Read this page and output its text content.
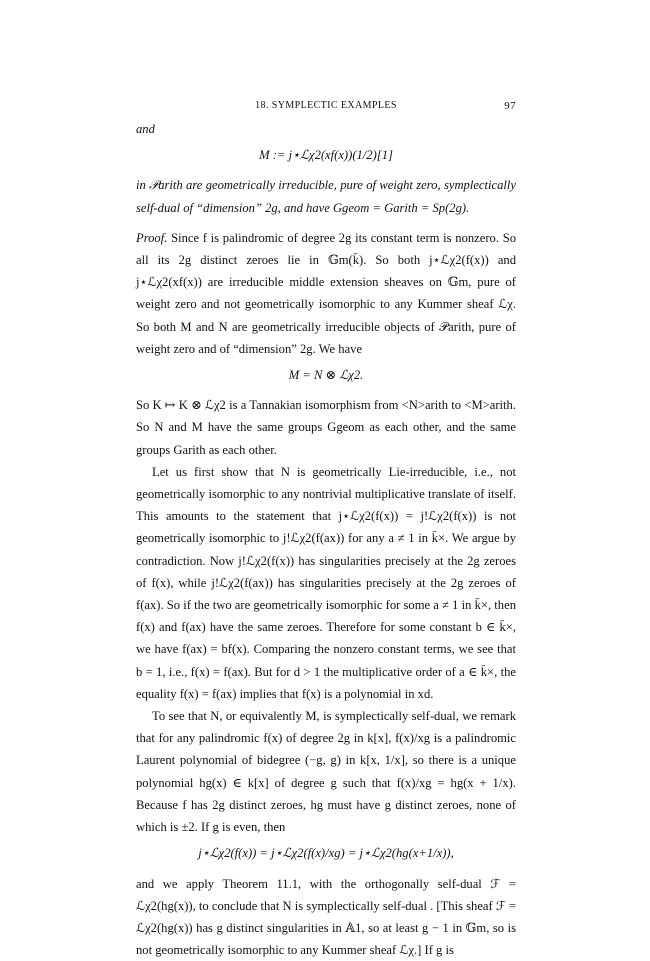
18. SYMPLECTIC EXAMPLES	97

and

M := j⋆ℒχ2(xf(x))(1/2)[1]

in 𝒫arith are geometrically irreducible, pure of weight zero, symplectically self-dual of “dimension” 2g, and have Ggeom = Garith = Sp(2g).

Proof. Since f is palindromic of degree 2g its constant term is nonzero. So all its 2g distinct zeroes lie in 𝔾m(k̄). So both j⋆ℒχ2(f(x)) and j⋆ℒχ2(xf(x)) are irreducible middle extension sheaves on 𝔾m, pure of weight zero and not geometrically isomorphic to any Kummer sheaf ℒχ. So both M and N are geometrically irreducible objects of 𝒫arith, pure of weight zero and of “dimension” 2g. We have

M = N ⊗ ℒχ2.

So K ↦ K ⊗ ℒχ2 is a Tannakian isomorphism from <N>arith to <M>arith. So N and M have the same groups Ggeom as each other, and the same groups Garith as each other.

Let us first show that N is geometrically Lie-irreducible, i.e., not geometrically isomorphic to any nontrivial multiplicative translate of itself. This amounts to the statement that j⋆ℒχ2(f(x)) = j!ℒχ2(f(x)) is not geometrically isomorphic to j!ℒχ2(f(ax)) for any a ≠ 1 in k̄×. We argue by contradiction. Now j!ℒχ2(f(x)) has singularities precisely at the 2g zeroes of f(x), while j!ℒχ2(f(ax)) has singularities precisely at the 2g zeroes of f(ax). So if the two are geometrically isomorphic for some a ≠ 1 in k̄×, then f(x) and f(ax) have the same zeroes. Therefore for some constant b ∈ k̄×, we have f(ax) = bf(x). Comparing the nonzero constant terms, we see that b = 1, i.e., f(x) = f(ax). But for d > 1 the multiplicative order of a ∈ k̄×, the equality f(x) = f(ax) implies that f(x) is a polynomial in xd.

To see that N, or equivalently M, is symplectically self-dual, we remark that for any palindromic f(x) of degree 2g in k[x], f(x)/xg is a palindromic Laurent polynomial of bidegree (−g, g) in k[x, 1/x], so there is a unique polynomial hg(x) ∈ k[x] of degree g such that f(x)/xg = hg(x + 1/x). Because f has 2g distinct zeroes, hg must have g distinct zeroes, none of which is ±2. If g is even, then

j⋆ℒχ2(f(x)) = j⋆ℒχ2(f(x)/xg) = j⋆ℒχ2(hg(x+1/x)),

and we apply Theorem 11.1, with the orthogonally self-dual ℱ = ℒχ2(hg(x)), to conclude that N is symplectically self-dual . [This sheaf ℱ = ℒχ2(hg(x)) has g distinct singularities in 𝔸1, so at least g − 1 in 𝔾m, so is not geometrically isomorphic to any Kummer sheaf ℒχ.] If g is
